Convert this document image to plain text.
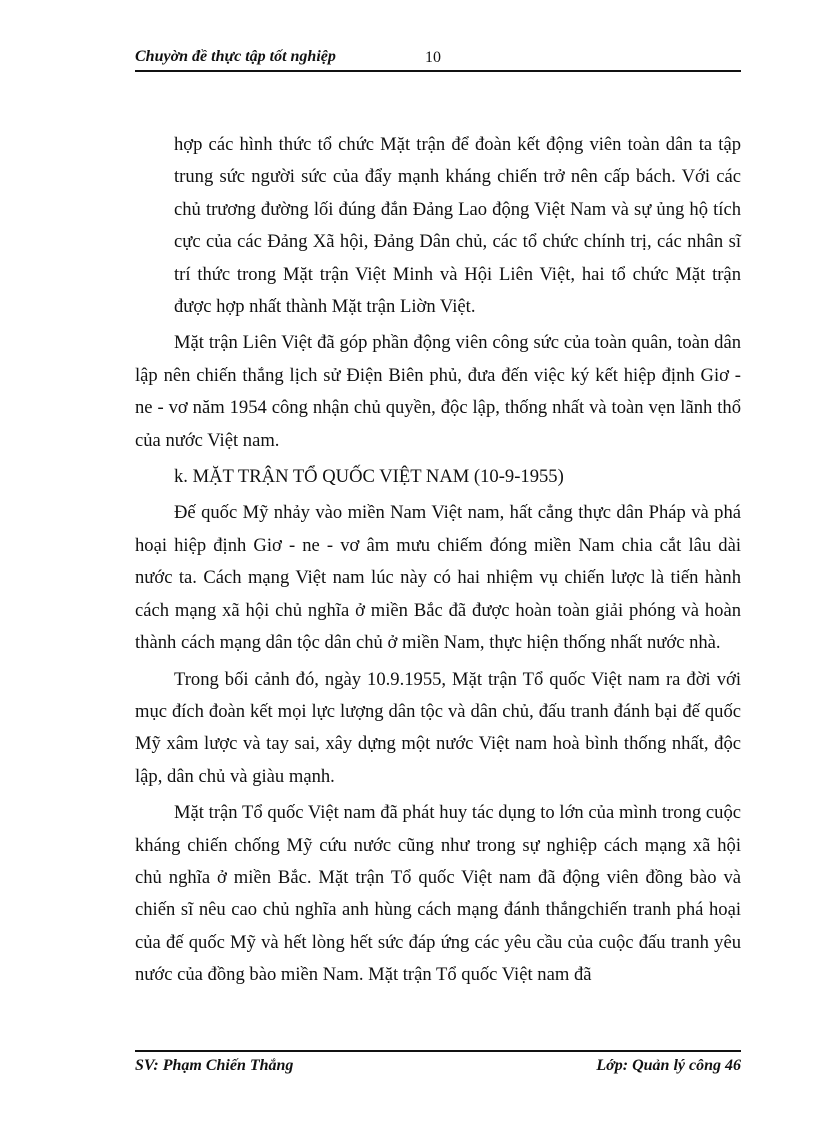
Chuyờn đề thực tập tốt nghiệp	10

hợp các hình thức tổ chức Mặt trận để đoàn kết động viên toàn dân ta tập trung sức người sức của đẩy mạnh kháng chiến trở nên cấp bách. Với các chủ trương đường lối đúng đắn Đảng Lao động Việt Nam và sự ủng hộ tích cực của các Đảng Xã hội, Đảng Dân chủ, các tổ chức chính trị, các nhân sĩ trí thức trong Mặt trận Việt Minh và Hội Liên Việt, hai tổ chức Mặt trận được hợp nhất thành Mặt trận Liờn Việt.

Mặt trận Liên Việt đã góp phần động viên công sức của toàn quân, toàn dân lập nên chiến thắng lịch sử Điện Biên phủ, đưa đến việc ký kết hiệp định Giơ - ne - vơ năm 1954 công nhận chủ quyền, độc lập, thống nhất và toàn vẹn lãnh thổ của nước Việt nam.

k. MẶT TRẬN TỔ QUỐC VIỆT NAM (10-9-1955)

Đế quốc Mỹ nhảy vào miền Nam Việt nam, hất cẳng thực dân Pháp và phá hoại hiệp định Giơ - ne - vơ âm mưu chiếm đóng miền Nam chia cắt lâu dài nước ta. Cách mạng Việt nam lúc này có hai nhiệm vụ chiến lược là tiến hành cách mạng xã hội chủ nghĩa ở miền Bắc đã được hoàn toàn giải phóng và hoàn thành cách mạng dân tộc dân chủ ở miền Nam, thực hiện thống nhất nước nhà.

Trong bối cảnh đó, ngày 10.9.1955, Mặt trận Tổ quốc Việt nam ra đời với mục đích đoàn kết mọi lực lượng dân tộc và dân chủ, đấu tranh đánh bại đế quốc Mỹ xâm lược và tay sai, xây dựng một nước Việt nam hoà bình thống nhất, độc lập, dân chủ và giàu mạnh.

Mặt trận Tổ quốc Việt nam đã phát huy tác dụng to lớn của mình trong cuộc kháng chiến chống Mỹ cứu nước cũng như trong sự nghiệp cách mạng xã hội chủ nghĩa ở miền Bắc. Mặt trận Tổ quốc Việt nam đã động viên đồng bào và chiến sĩ nêu cao chủ nghĩa anh hùng cách mạng đánh thắngchiến tranh phá hoại của đế quốc Mỹ và hết lòng hết sức đáp ứng các yêu cầu của cuộc đấu tranh yêu nước của đồng bào miền Nam. Mặt trận Tổ quốc Việt nam đã

SV: Phạm Chiến Thắng	Lớp: Quản lý công 46
